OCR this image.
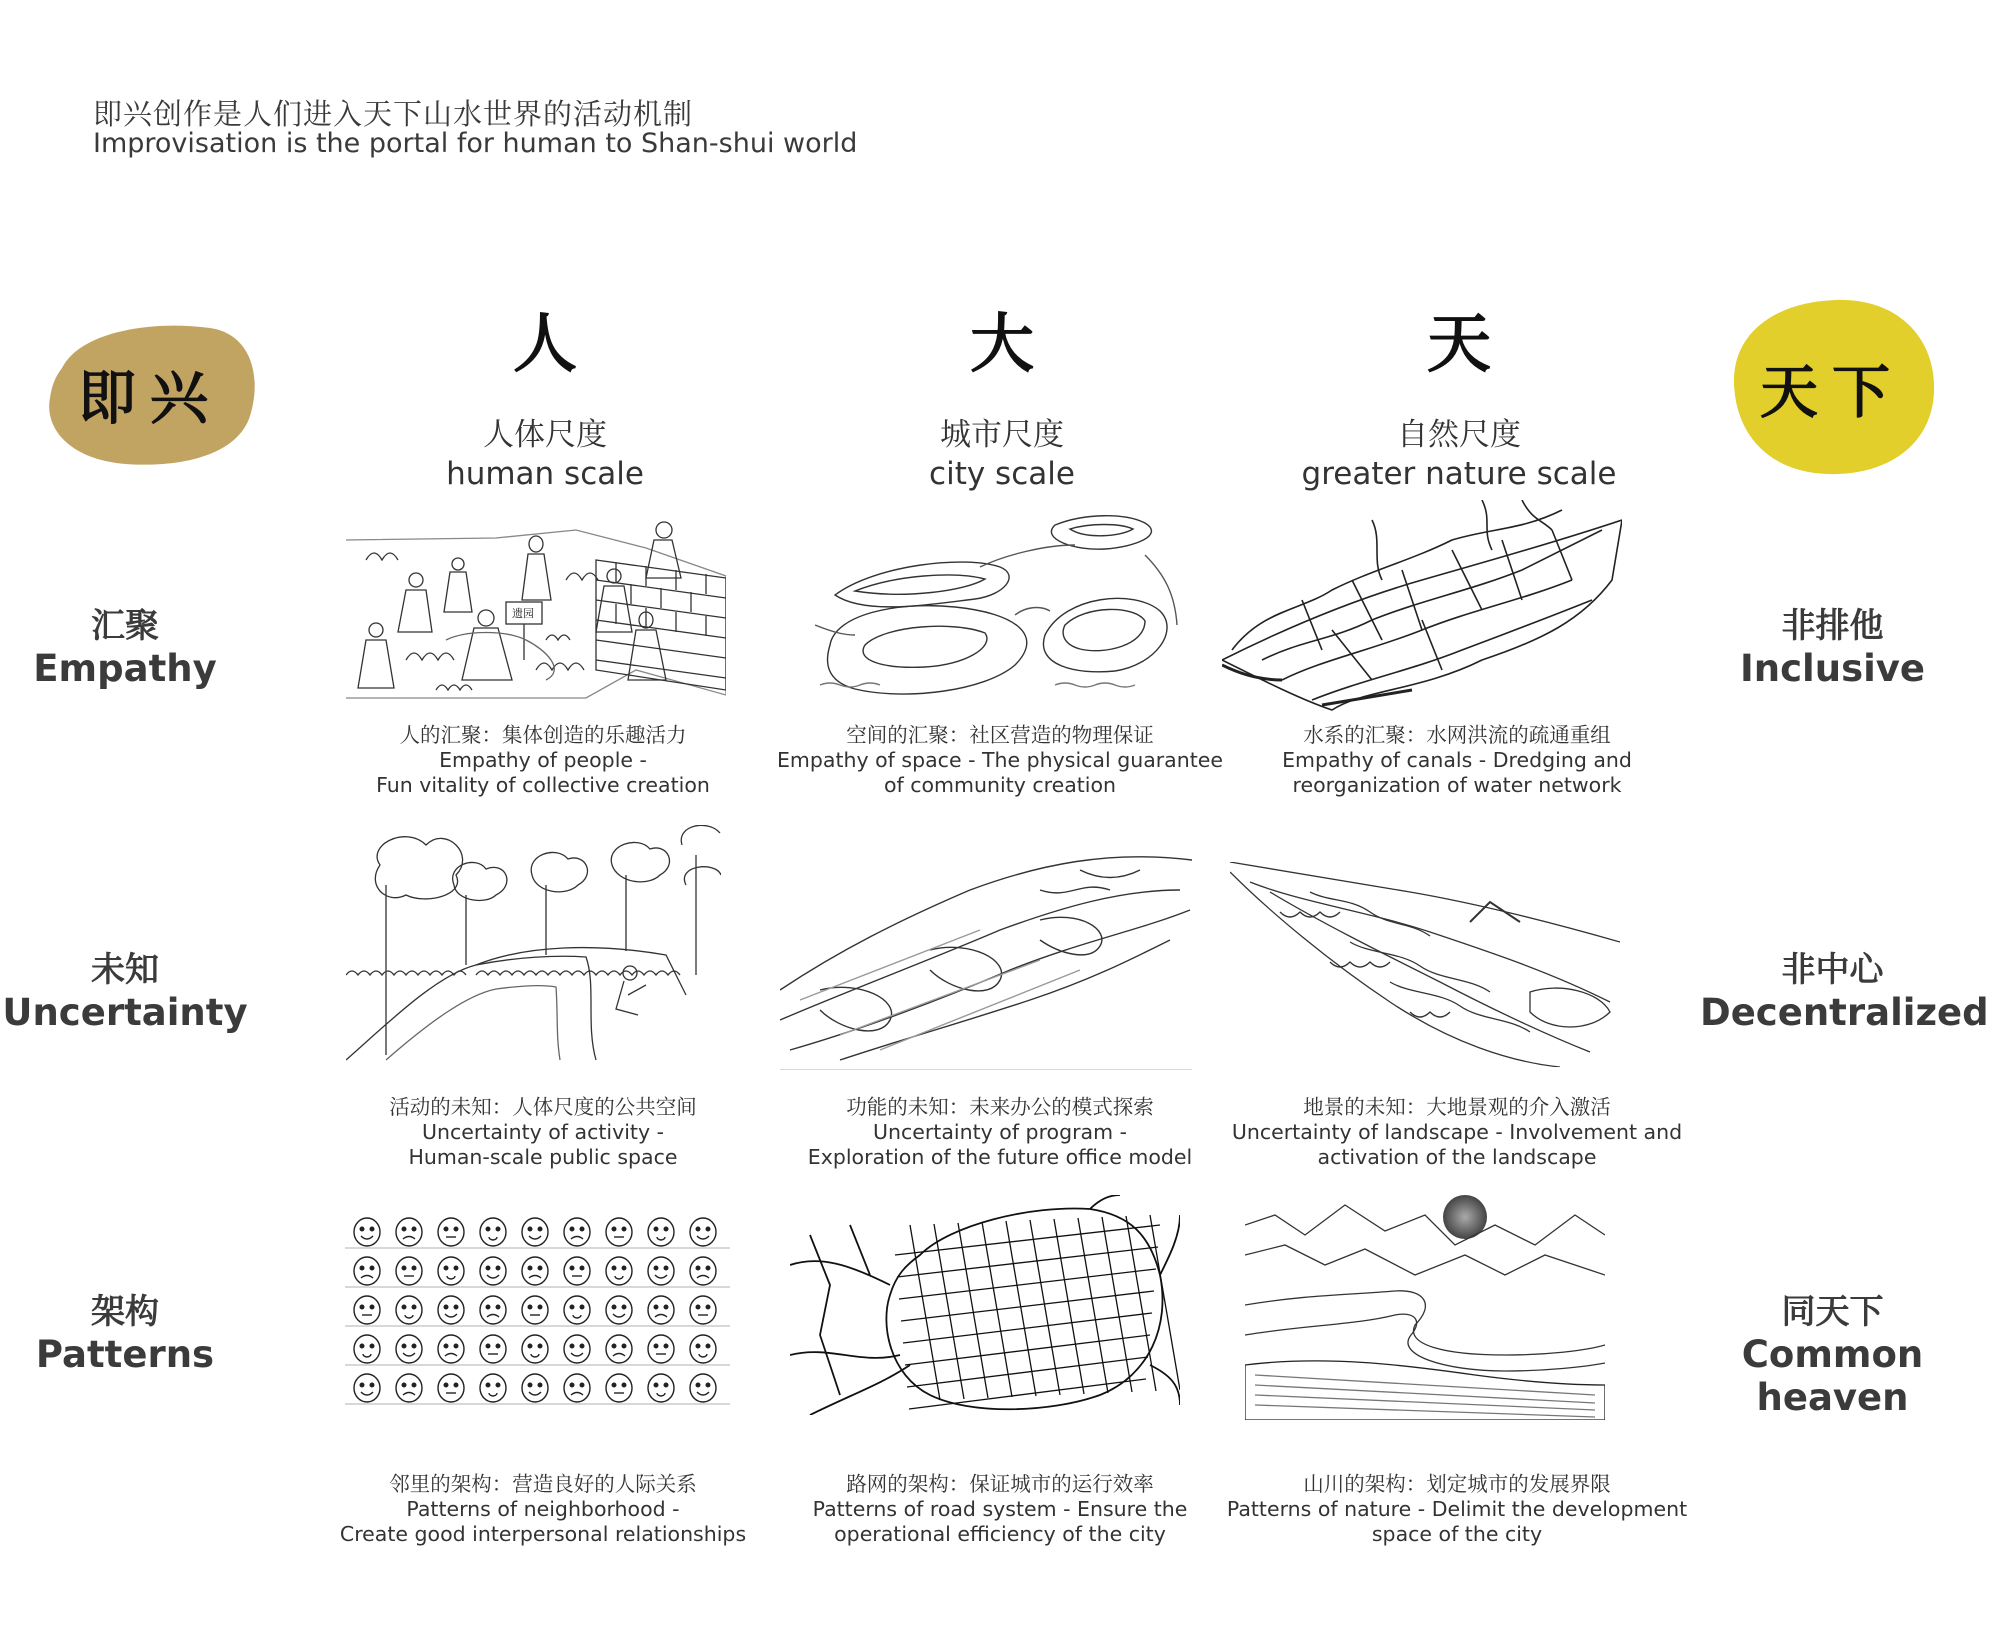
即兴创作是人们进入天下山水世界的活动机制
Improvisation is the portal for human to Shan-shui world
即兴	天下
人
人体尺度
human scale
大
城市尺度
city scale
天
自然尺度
greater nature scale
汇聚
Empathy
未知
Uncertainty
架构
Patterns
非排他
Inclusive
非中心
Decentralized
同天下
Common heaven
遗园
人的汇聚：集体创造的乐趣活力
Empathy of people -
Fun vitality of collective creation
空间的汇聚：社区营造的物理保证
Empathy of space - The physical guarantee
of community creation
水系的汇聚：水网洪流的疏通重组
Empathy of canals - Dredging and
reorganization of water network
活动的未知：人体尺度的公共空间
Uncertainty of activity -
Human-scale public space
功能的未知：未来办公的模式探索
Uncertainty of program -
Exploration of the future office model
地景的未知：大地景观的介入激活
Uncertainty of landscape - Involvement and
activation of the landscape
邻里的架构：营造良好的人际关系
Patterns of neighborhood -
Create good interpersonal relationships
路网的架构：保证城市的运行效率
Patterns of road system - Ensure the
operational efficiency of the city
山川的架构：划定城市的发展界限
Patterns of nature - Delimit the development
space of the city
